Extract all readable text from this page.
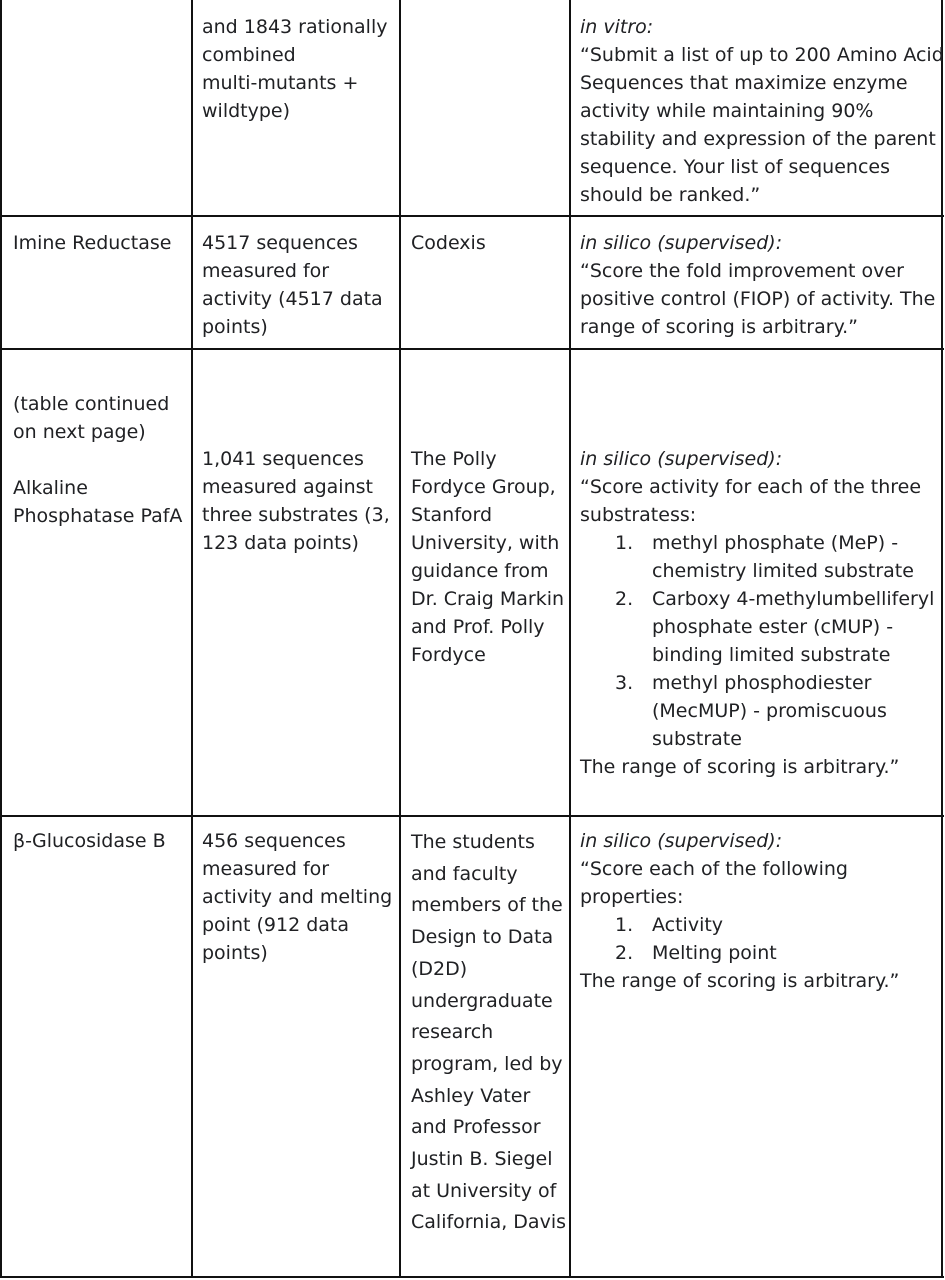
and 1843 rationally
combined
multi-mutants +
wildtype)
in vitro:
“Submit a list of up to 200 Amino Acid
Sequences that maximize enzyme
activity while maintaining 90%
stability and expression of the parent
sequence. Your list of sequences
should be ranked.”
Imine Reductase 4517 sequences
measured for
activity (4517 data
points)
Codexis	in silico (supervised):
“Score the fold improvement over
positive control (FIOP) of activity. The
range of scoring is arbitrary.”
(table continued
on next page)
Alkaline
Phosphatase PafA
1,041 sequences
measured against
three substrates (3,
123 data points)
The Polly
Fordyce Group,
Stanford
University, with
guidance from
Dr. Craig Markin
and Prof. Polly
Fordyce
in silico (supervised):
“Score activity for each of the three
substratess:
1. methyl phosphate (MeP) -
chemistry limited substrate
2. Carboxy 4-methylumbelliferyl
phosphate ester (cMUP) -
binding limited substrate
3. methyl phosphodiester
(MecMUP) - promiscuous
substrate
The range of scoring is arbitrary.”
β-Glucosidase B 456 sequences
measured for
activity and melting
point (912 data
points)
The students
and faculty
members of the
Design to Data
(D2D)
undergraduate
research
program, led by
Ashley Vater
and Professor
Justin B. Siegel
at University of
California, Davis
in silico (supervised):
“Score each of the following
properties:
1. Activity
2. Melting point
The range of scoring is arbitrary.”
